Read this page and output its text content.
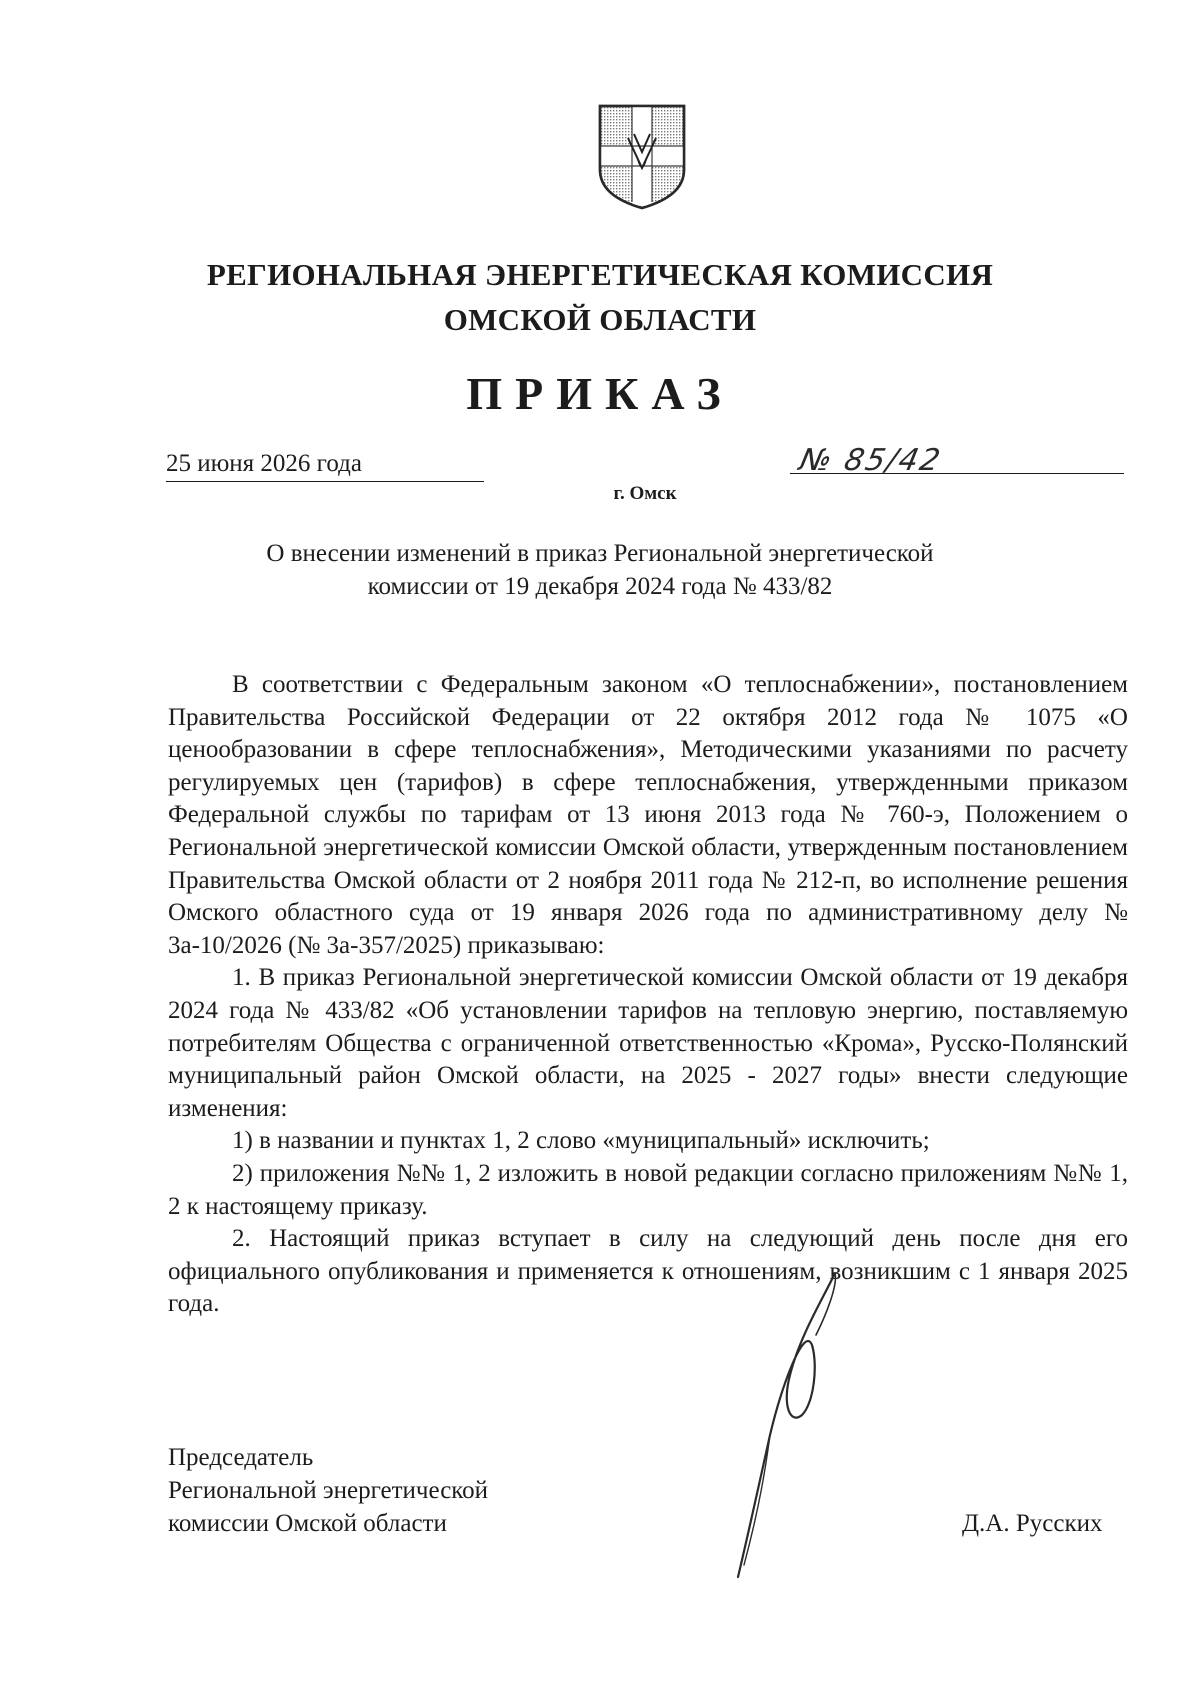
РЕГИОНАЛЬНАЯ ЭНЕРГЕТИЧЕСКАЯ КОМИССИЯ
ОМСКОЙ ОБЛАСТИ
ПРИКАЗ
25 июня 2026 года	№ 85/42
г. Омск
О внесении изменений в приказ Региональной энергетической
комиссии от 19 декабря 2024 года № 433/82

В соответствии с Федеральным законом «О теплоснабжении», постановлением Правительства Российской Федерации от 22 октября 2012 года № 1075 «О ценообразовании в сфере теплоснабжения», Методическими указаниями по расчету регулируемых цен (тарифов) в сфере теплоснабжения, утвержденными приказом Федеральной службы по тарифам от 13 июня 2013 года № 760-э, Положением о Региональной энергетической комиссии Омской области, утвержденным постановлением Правительства Омской области от 2 ноября 2011 года № 212-п, во исполнение решения Омского областного суда от 19 января 2026 года по административному делу № 3а-10/2026 (№ 3а-357/2025) приказываю:

1. В приказ Региональной энергетической комиссии Омской области от 19 декабря 2024 года № 433/82 «Об установлении тарифов на тепловую энергию, поставляемую потребителям Общества с ограниченной ответственностью «Крома», Русско-Полянский муниципальный район Омской области, на 2025 - 2027 годы» внести следующие изменения:

1) в названии и пунктах 1, 2 слово «муниципальный» исключить;

2) приложения №№ 1, 2 изложить в новой редакции согласно приложениям №№ 1, 2 к настоящему приказу.

2. Настоящий приказ вступает в силу на следующий день после дня его официального опубликования и применяется к отношениям, возникшим с 1 января 2025 года.

Председатель
Региональной энергетической
комиссии Омской области	Д.А. Русских
